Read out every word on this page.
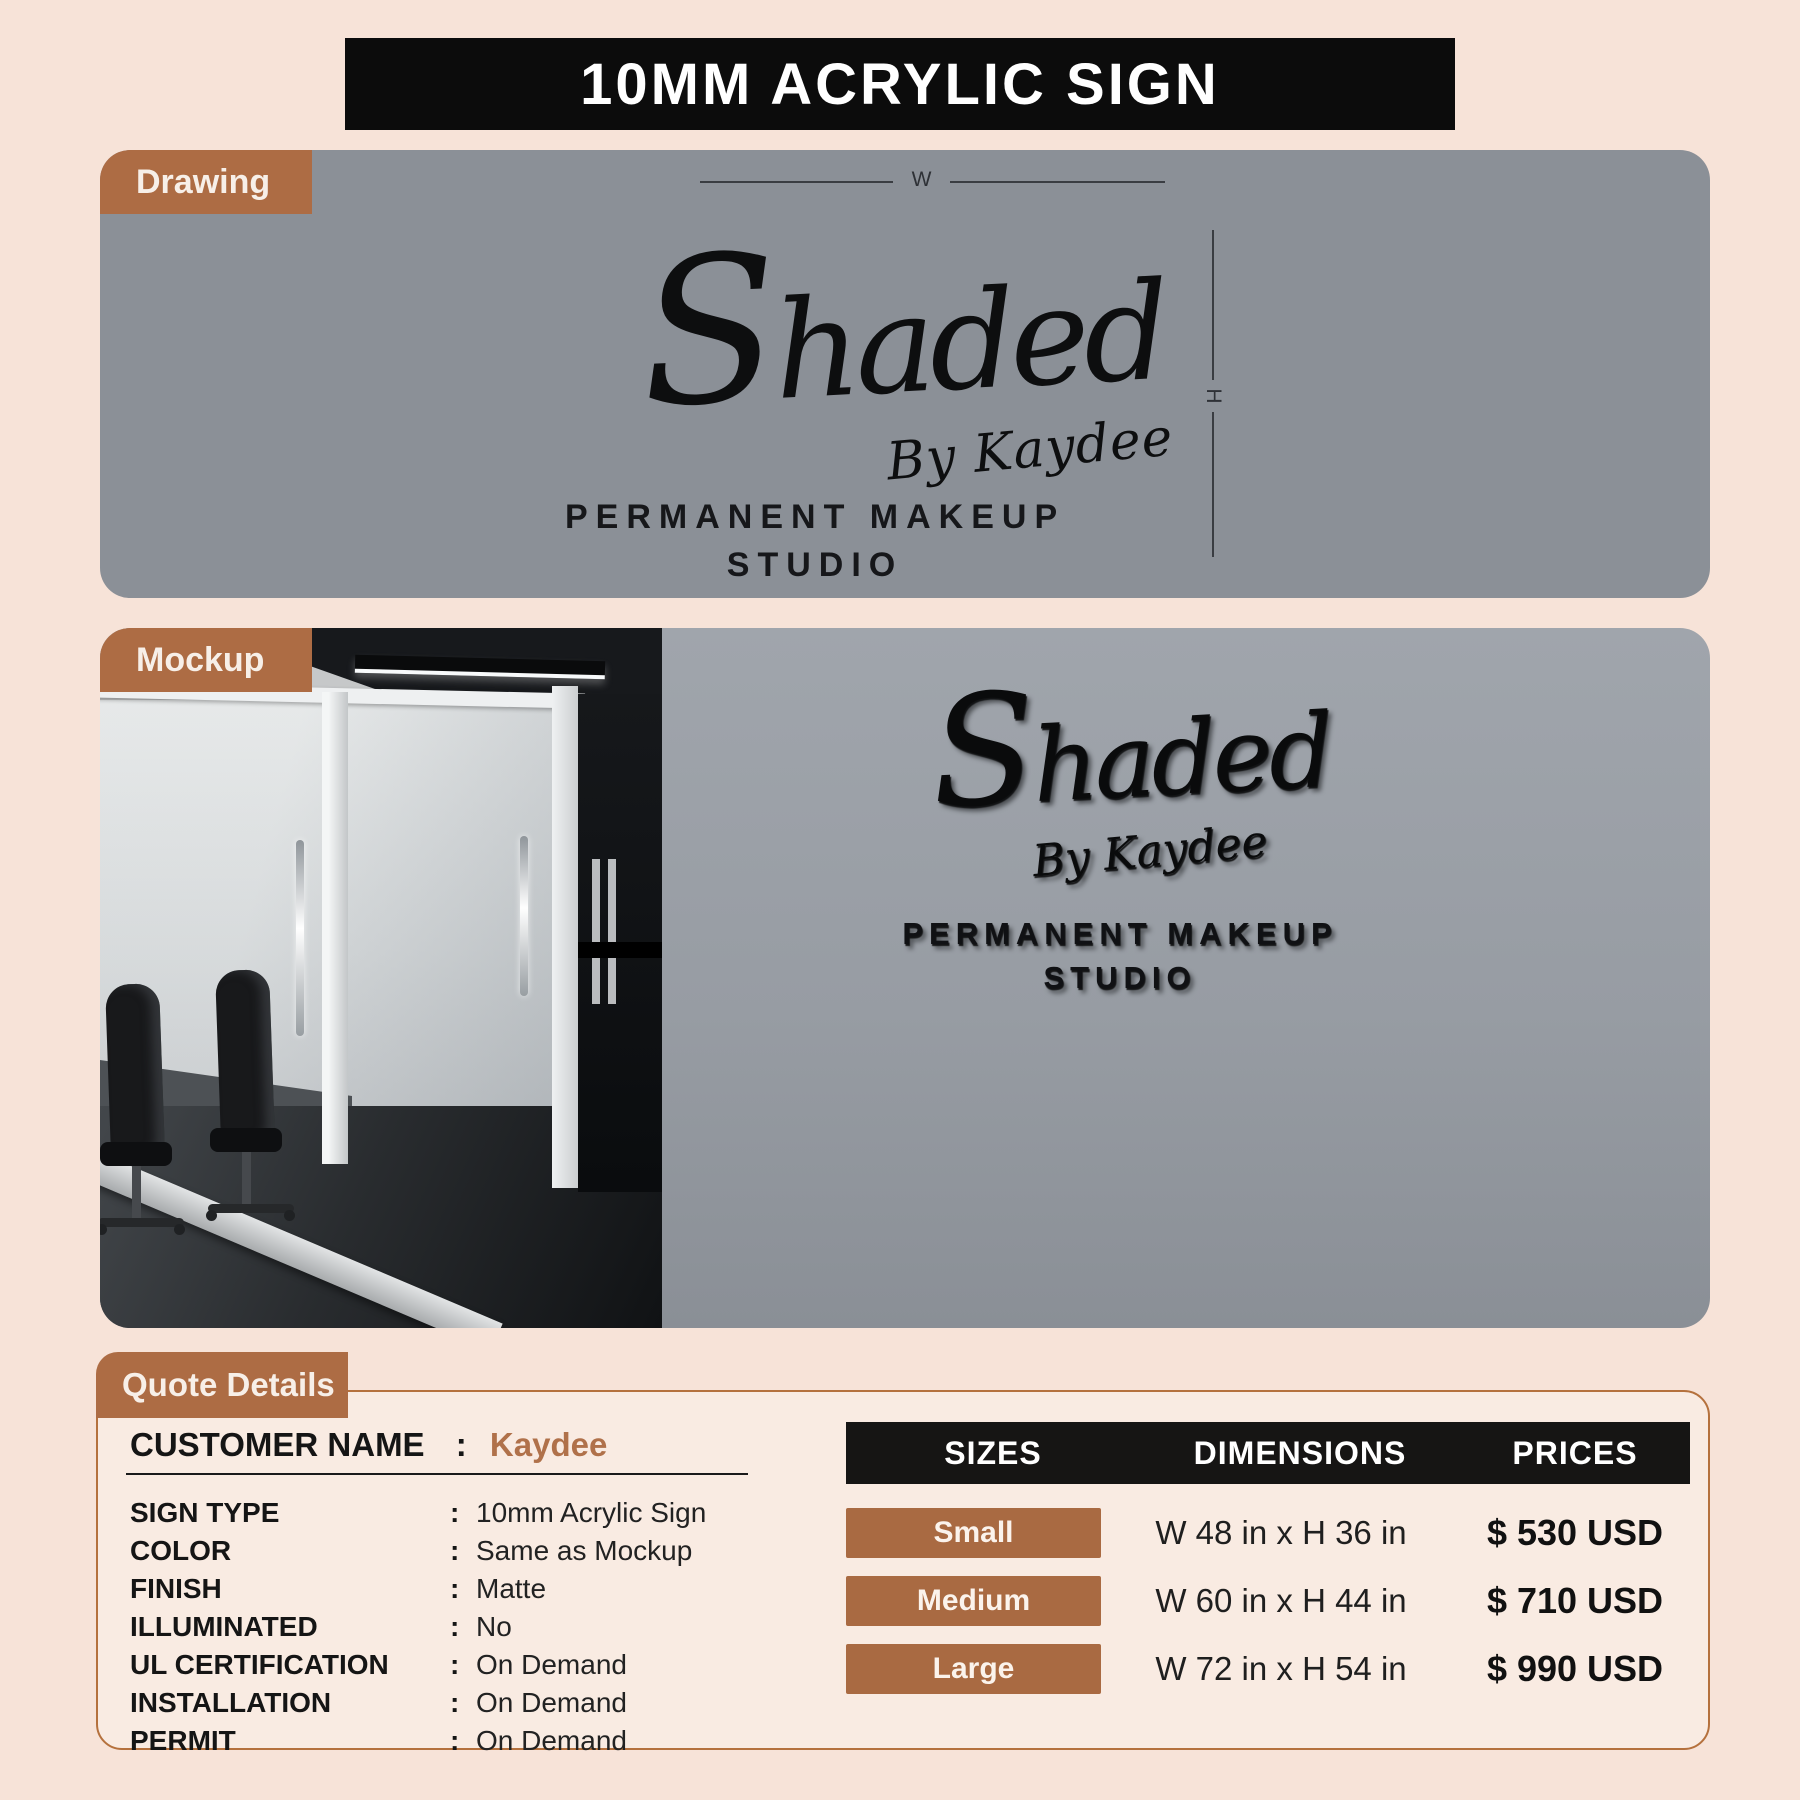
10MM ACRYLIC SIGN
Drawing	W
H
Shaded
By Kaydee
PERMANENT MAKEUP
STUDIO
Shaded
By Kaydee
PERMANENT MAKEUP
STUDIO
Mockup
Quote Details
CUSTOMER NAME : Kaydee
SIGN TYPE	: 10mm Acrylic Sign
COLOR	: Same as Mockup
FINISH	: Matte
ILLUMINATED	: No
UL CERTIFICATION	: On Demand
INSTALLATION	: On Demand
PERMIT	: On Demand
SIZES	DIMENSIONS	PRICES
Small	W 48 in x H 36 in	$ 530 USD
Medium	W 60 in x H 44 in	$ 710 USD
Large	W 72 in x H 54 in	$ 990 USD
